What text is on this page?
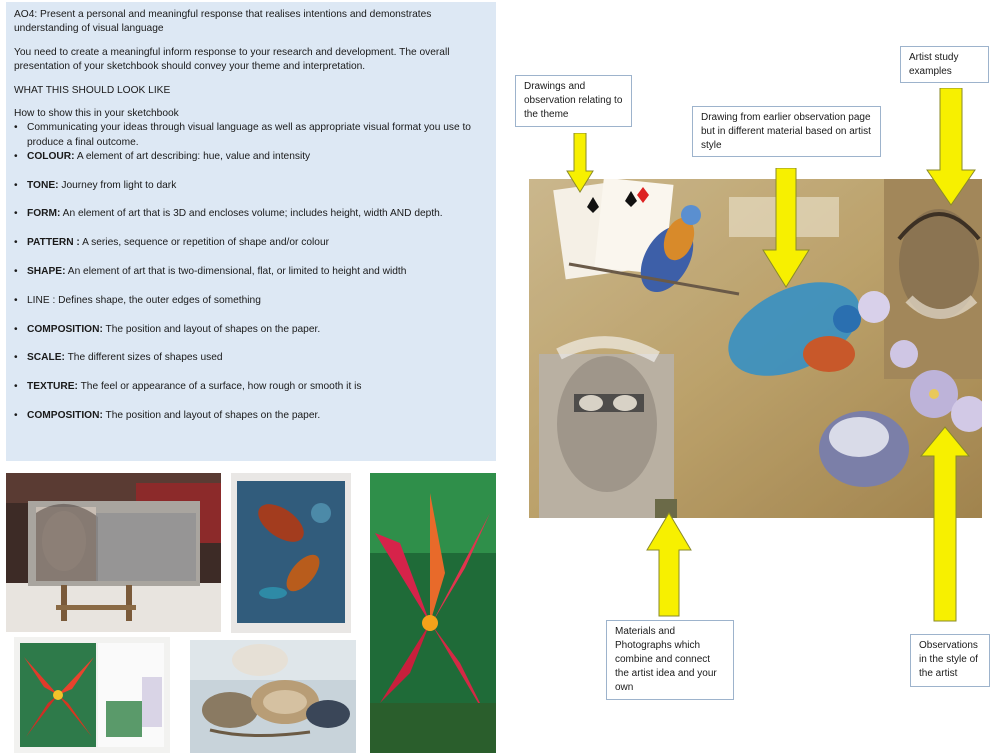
AO4: Present a personal and meaningful response that realises intentions and demonstrates understanding of visual language

You need to create a meaningful inform response to your research and development. The overall presentation of your sketchbook should convey your theme and interpretation.

WHAT THIS SHOULD LOOK LIKE

How to show this in your sketchbook

• Communicating your ideas through visual language as well as appropriate visual format you use to produce a final outcome.
• COLOUR: A element of art describing: hue, value and intensity
• TONE: Journey from light to dark
• FORM: An element of art that is 3D and encloses volume; includes height, width AND depth.
• PATTERN : A series, sequence or repetition of shape and/or colour
• SHAPE: An element of art that is two-dimensional, flat, or limited to height and width
• LINE : Defines shape, the outer edges of something
• COMPOSITION: The position and layout of shapes on the paper.
• SCALE: The different sizes of shapes used
• TEXTURE: The feel or appearance of a surface, how rough or smooth it is
• COMPOSITION: The position and layout of shapes on the paper.
Drawings and observation relating to the theme	Drawing from earlier observation page but in different material based on artist style
Artist study examples
Materials and Photographs which combine and connect the artist idea and your own
Observations in the style of the artist
